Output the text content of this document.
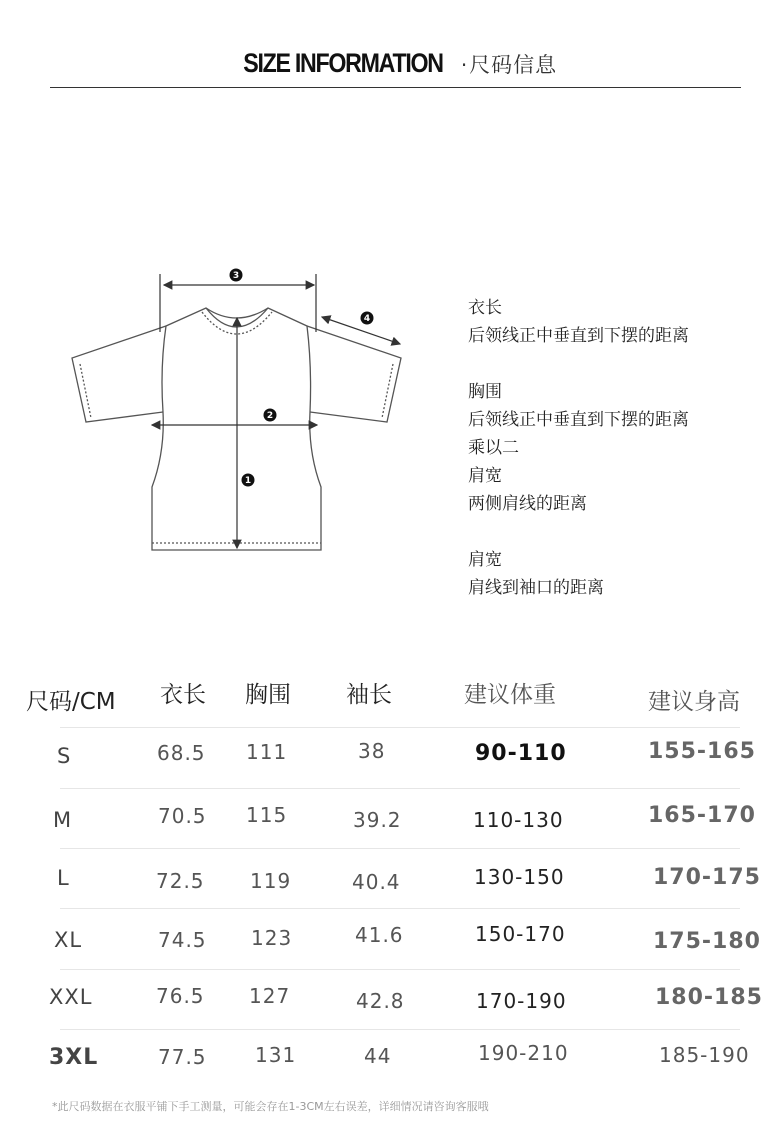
SIZE INFORMATION ·尺码信息
1
2
3
4
衣长
后领线正中垂直到下摆的距离
胸围
后领线正中垂直到下摆的距离
乘以二
肩宽
两侧肩线的距离
肩宽
肩线到袖口的距离
尺码/CM 衣长 胸围 袖长	建议体重	建议身高
S	68.5 111	38	90-110	155-165
M	70.5 115	39.2	110-130	165-170
L	72.5 119	40.4	130-150	170-175
XL	74.5 123	41.6	150-170	175-180
XXL	76.5 127	42.8	170-190	180-185
3XL	77.5 131	44	190-210	185-190
*此尺码数据在衣服平铺下手工测量，可能会存在1-3CM左右误差，详细情况请咨询客服哦
